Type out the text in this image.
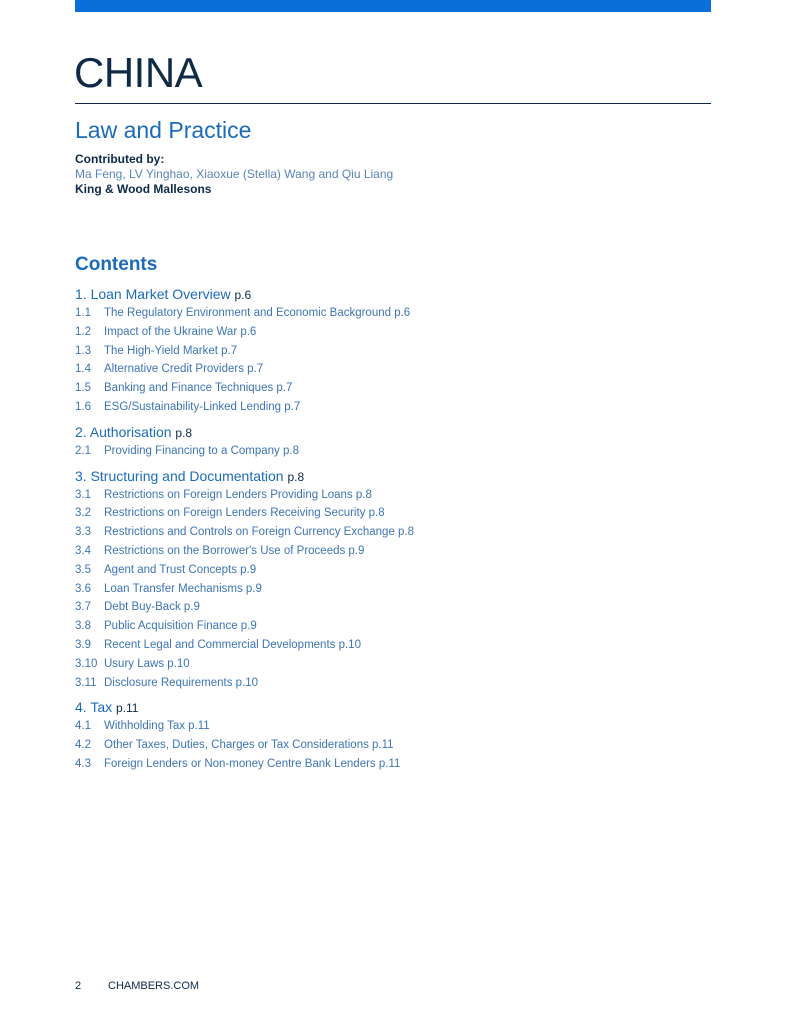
CHINA
Law and Practice
Contributed by:
Ma Feng, LV Yinghao, Xiaoxue (Stella) Wang and Qiu Liang
King & Wood Mallesons
Contents
1. Loan Market Overview p.6
1.1 The Regulatory Environment and Economic Background p.6
1.2 Impact of the Ukraine War p.6
1.3 The High-Yield Market p.7
1.4 Alternative Credit Providers p.7
1.5 Banking and Finance Techniques p.7
1.6 ESG/Sustainability-Linked Lending p.7
2. Authorisation p.8
2.1 Providing Financing to a Company p.8
3. Structuring and Documentation p.8
3.1 Restrictions on Foreign Lenders Providing Loans p.8
3.2 Restrictions on Foreign Lenders Receiving Security p.8
3.3 Restrictions and Controls on Foreign Currency Exchange p.8
3.4 Restrictions on the Borrower's Use of Proceeds p.9
3.5 Agent and Trust Concepts p.9
3.6 Loan Transfer Mechanisms p.9
3.7 Debt Buy-Back p.9
3.8 Public Acquisition Finance p.9
3.9 Recent Legal and Commercial Developments p.10
3.10 Usury Laws p.10
3.11 Disclosure Requirements p.10
4. Tax p.11
4.1 Withholding Tax p.11
4.2 Other Taxes, Duties, Charges or Tax Considerations p.11
4.3 Foreign Lenders or Non-money Centre Bank Lenders p.11
2 CHAMBERS.COM
